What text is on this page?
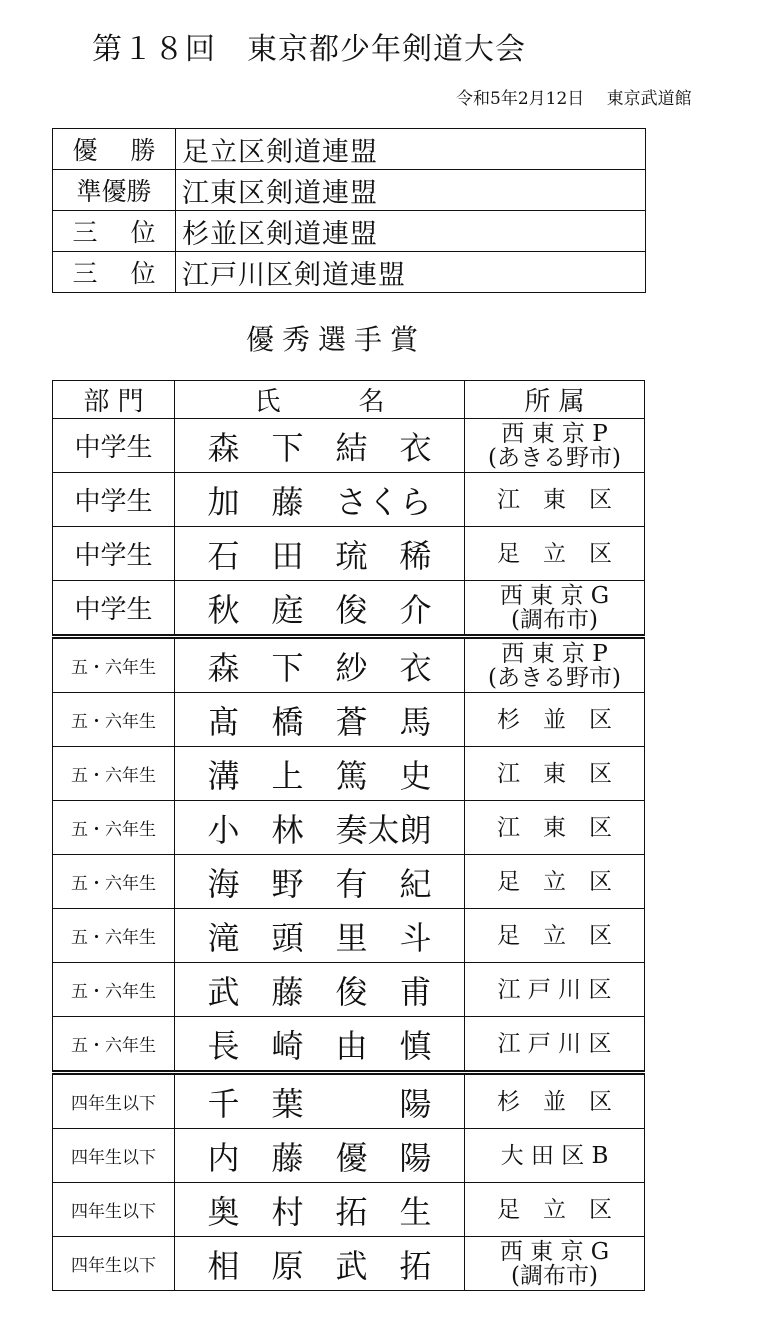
第１８回　東京都少年剣道大会
令和5年2月12日　 東京武道館
優　 勝	足立区剣道連盟
準優勝	江東区剣道連盟
三　 位	杉並区剣道連盟
三　 位	江戸川区剣道連盟
優秀選手賞
部 門	氏　　　名	所 属
中学生	森　下　結　衣	西 東 京 P
(あきる野市)
中学生	加　藤　さくら	江　東　区
中学生	石　田　琉　稀	足　立　区
中学生	秋　庭　俊　介	西 東 京 G
(調布市)
五・六年生	森　下　紗　衣	西 東 京 P
(あきる野市)
五・六年生	髙　橋　蒼　馬	杉　並　区
五・六年生	溝　上　篤　史	江　東　区
五・六年生	小　林　奏太朗	江　東　区
五・六年生	海　野　有　紀	足　立　区
五・六年生	滝　頭　里　斗	足　立　区
五・六年生	武　藤　俊　甫	江 戸 川 区
五・六年生	長　崎　由　慎	江 戸 川 区
四年生以下	千　葉　　　陽	杉　並　区
四年生以下	内　藤　優　陽	大 田 区 B
四年生以下	奥　村　拓　生	足　立　区
四年生以下	相　原　武　拓	西 東 京 G
(調布市)
